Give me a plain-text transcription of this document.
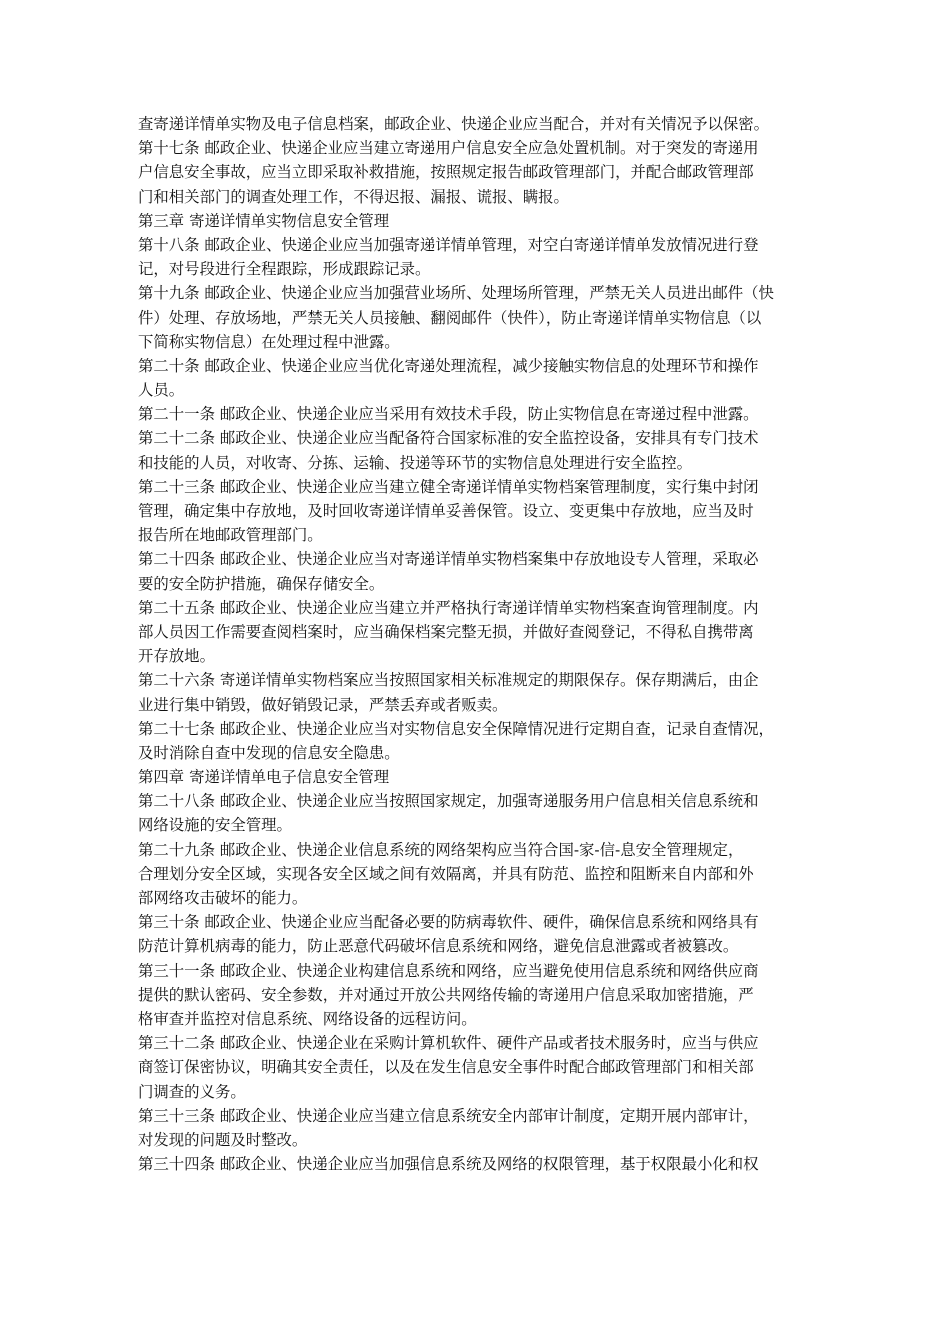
查寄递详情单实物及电子信息档案，邮政企业、快递企业应当配合，并对有关情况予以保密。
第十七条 邮政企业、快递企业应当建立寄递用户信息安全应急处置机制。对于突发的寄递用
户信息安全事故，应当立即采取补救措施，按照规定报告邮政管理部门，并配合邮政管理部
门和相关部门的调查处理工作，不得迟报、漏报、谎报、瞒报。
第三章 寄递详情单实物信息安全管理
第十八条 邮政企业、快递企业应当加强寄递详情单管理，对空白寄递详情单发放情况进行登
记，对号段进行全程跟踪，形成跟踪记录。
第十九条 邮政企业、快递企业应当加强营业场所、处理场所管理，严禁无关人员进出邮件（快
件）处理、存放场地，严禁无关人员接触、翻阅邮件（快件），防止寄递详情单实物信息（以
下简称实物信息）在处理过程中泄露。
第二十条 邮政企业、快递企业应当优化寄递处理流程，减少接触实物信息的处理环节和操作
人员。
第二十一条 邮政企业、快递企业应当采用有效技术手段，防止实物信息在寄递过程中泄露。
第二十二条 邮政企业、快递企业应当配备符合国家标准的安全监控设备，安排具有专门技术
和技能的人员，对收寄、分拣、运输、投递等环节的实物信息处理进行安全监控。
第二十三条 邮政企业、快递企业应当建立健全寄递详情单实物档案管理制度，实行集中封闭
管理，确定集中存放地，及时回收寄递详情单妥善保管。设立、变更集中存放地，应当及时
报告所在地邮政管理部门。
第二十四条 邮政企业、快递企业应当对寄递详情单实物档案集中存放地设专人管理，采取必
要的安全防护措施，确保存储安全。
第二十五条 邮政企业、快递企业应当建立并严格执行寄递详情单实物档案查询管理制度。内
部人员因工作需要查阅档案时，应当确保档案完整无损，并做好查阅登记，不得私自携带离
开存放地。
第二十六条 寄递详情单实物档案应当按照国家相关标准规定的期限保存。保存期满后，由企
业进行集中销毁，做好销毁记录，严禁丢弃或者贩卖。
第二十七条 邮政企业、快递企业应当对实物信息安全保障情况进行定期自查，记录自查情况，
及时消除自查中发现的信息安全隐患。
第四章 寄递详情单电子信息安全管理
第二十八条 邮政企业、快递企业应当按照国家规定，加强寄递服务用户信息相关信息系统和
网络设施的安全管理。
第二十九条 邮政企业、快递企业信息系统的网络架构应当符合国-家-信-息安全管理规定，
合理划分安全区域，实现各安全区域之间有效隔离，并具有防范、监控和阻断来自内部和外
部网络攻击破坏的能力。
第三十条 邮政企业、快递企业应当配备必要的防病毒软件、硬件，确保信息系统和网络具有
防范计算机病毒的能力，防止恶意代码破坏信息系统和网络，避免信息泄露或者被篡改。
第三十一条 邮政企业、快递企业构建信息系统和网络，应当避免使用信息系统和网络供应商
提供的默认密码、安全参数，并对通过开放公共网络传输的寄递用户信息采取加密措施，严
格审查并监控对信息系统、网络设备的远程访问。
第三十二条 邮政企业、快递企业在采购计算机软件、硬件产品或者技术服务时，应当与供应
商签订保密协议，明确其安全责任，以及在发生信息安全事件时配合邮政管理部门和相关部
门调查的义务。
第三十三条 邮政企业、快递企业应当建立信息系统安全内部审计制度，定期开展内部审计，
对发现的问题及时整改。
第三十四条 邮政企业、快递企业应当加强信息系统及网络的权限管理，基于权限最小化和权
